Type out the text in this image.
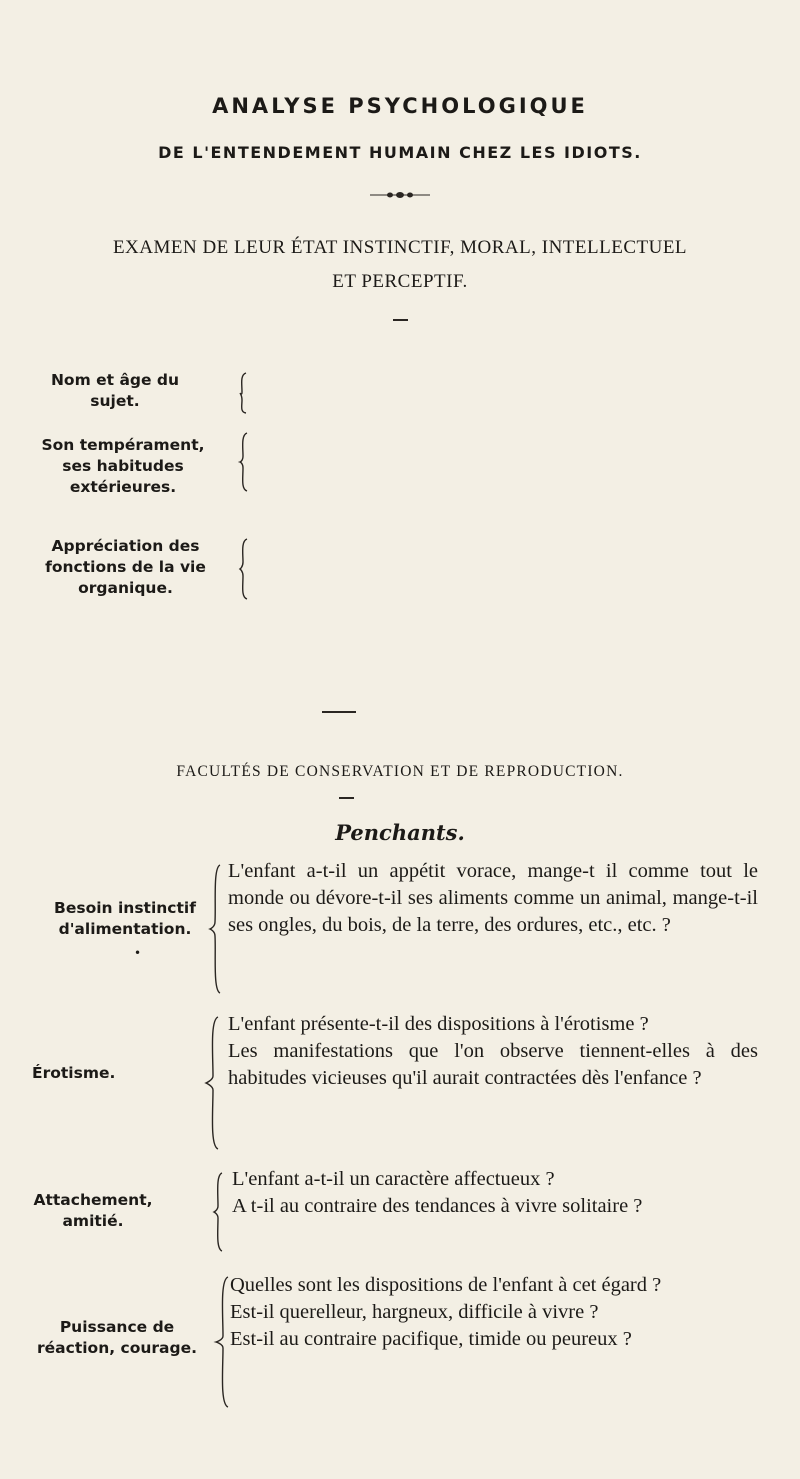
ANALYSE PSYCHOLOGIQUE
DE L'ENTENDEMENT HUMAIN CHEZ LES IDIOTS.
EXAMEN DE LEUR ÉTAT INSTINCTIF, MORAL, INTELLECTUEL
ET PERCEPTIF.
Nom et âge du sujet.
Son tempérament, ses habitudes extérieures.
Appréciation des fonctions de la vie organique.
FACULTÉS DE CONSERVATION ET DE REPRODUCTION.
Penchants.
Besoin instinctif d'alimentation.
•

L'enfant a-t-il un appétit vorace, mange-t il comme tout le monde ou dévore-t-il ses aliments comme un animal, mange-t-il ses ongles, du bois, de la terre, des ordures, etc., etc. ?

Érotisme.

L'enfant présente-t-il des dispositions à l'érotisme ?

Les manifestations que l'on observe tiennent-elles à des habitudes vicieuses qu'il aurait contractées dès l'enfance ?

Attachement, amitié.

L'enfant a-t-il un caractère affectueux ?

A t-il au contraire des tendances à vivre solitaire ?

Puissance de réaction, courage.

Quelles sont les dispositions de l'enfant à cet égard ?

Est-il querelleur, hargneux, difficile à vivre ?

Est-il au contraire pacifique, timide ou peureux ?
